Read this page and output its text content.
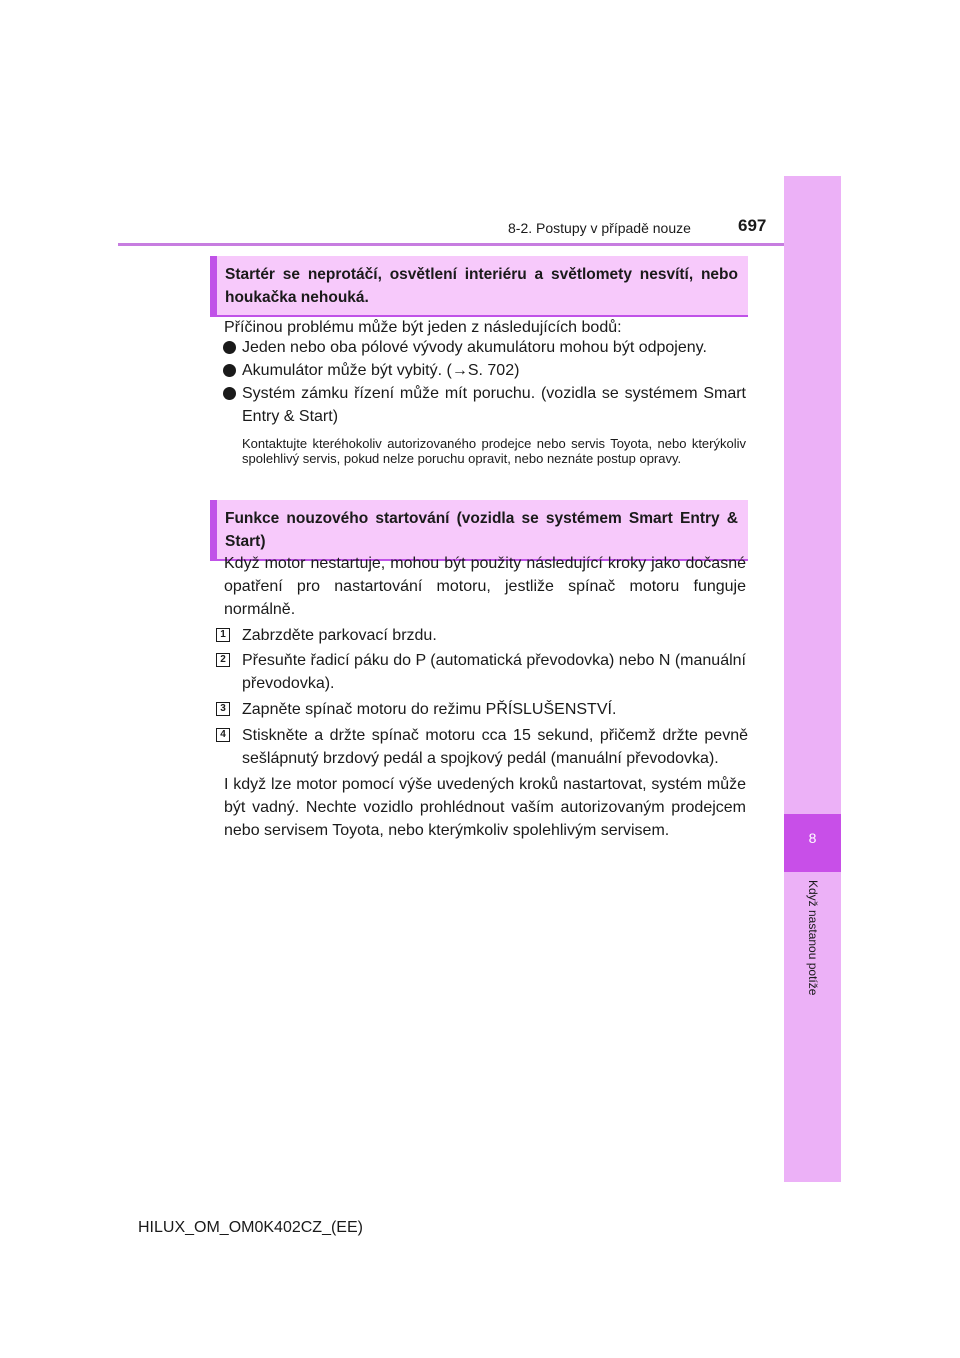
8
Když nastanou potíže
8-2. Postupy v případě nouze	697
Startér se neprotáčí, osvětlení interiéru a světlomety nesvítí, nebo houkačka nehouká.

Příčinou problému může být jeden z následujících bodů:

Jeden nebo oba pólové vývody akumulátoru mohou být odpojeny.

Akumulátor může být vybitý. (→S. 702)

Systém zámku řízení může mít poruchu. (vozidla se systémem Smart Entry & Start)

Kontaktujte kteréhokoliv autorizovaného prodejce nebo servis Toyota, nebo kterýkoliv spolehlivý servis, pokud nelze poruchu opravit, nebo neznáte postup opravy.

Funkce nouzového startování (vozidla se systémem Smart Entry & Start)

Když motor nestartuje, mohou být použity následující kroky jako dočasné opatření pro nastartování motoru, jestliže spínač motoru funguje normálně.

1 Zabrzděte parkovací brzdu.

2 Přesuňte řadicí páku do P (automatická převodovka) nebo N (manuální převodovka).

3 Zapněte spínač motoru do režimu PŘÍSLUŠENSTVÍ.

4 Stiskněte a držte spínač motoru cca 15 sekund, přičemž držte pevně sešlápnutý brzdový pedál a spojkový pedál (manuální převodovka).

I když lze motor pomocí výše uvedených kroků nastartovat, systém může být vadný. Nechte vozidlo prohlédnout vaším autorizovaným prodejcem nebo servisem Toyota, nebo kterýmkoliv spolehlivým servisem.

HILUX_OM_OM0K402CZ_(EE)
